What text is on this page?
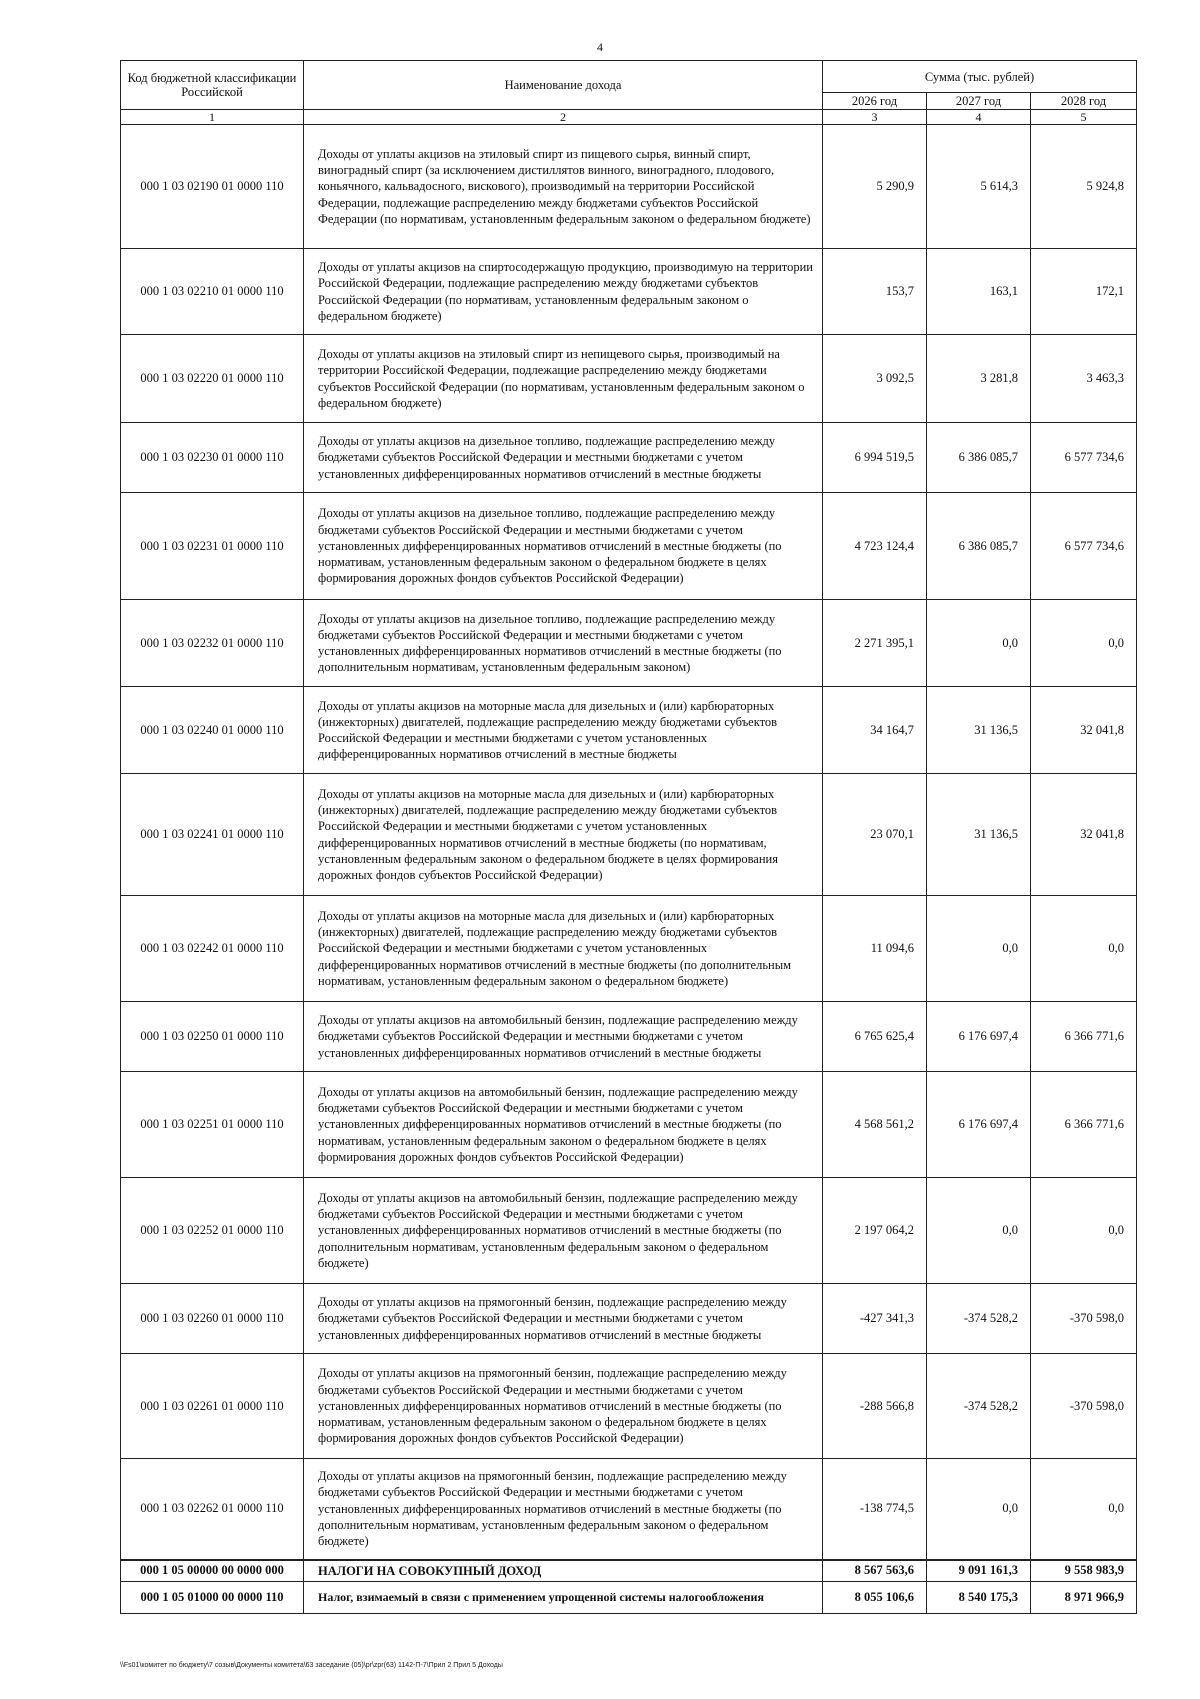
4
Код бюджетной классификации Российской	Наименование дохода	Сумма (тыс. рублей)		
		2026 год	2027 год	2028 год
1	2	3	4	5
000 1 03 02190 01 0000 110	Доходы от уплаты акцизов на этиловый спирт из пищевого сырья, винный спирт, виноградный спирт (за исключением дистиллятов винного, виноградного, плодового, коньячного, кальвадосного, вискового), производимый на территории Российской Федерации, подлежащие распределению между бюджетами субъектов Российской Федерации (по нормативам, установленным федеральным законом о федеральном бюджете)	5 290,9	5 614,3	5 924,8
000 1 03 02210 01 0000 110	Доходы от уплаты акцизов на спиртосодержащую продукцию, производимую на территории Российской Федерации, подлежащие распределению между бюджетами субъектов Российской Федерации (по нормативам, установленным федеральным законом о федеральном бюджете)	153,7	163,1	172,1
000 1 03 02220 01 0000 110	Доходы от уплаты акцизов на этиловый спирт из непищевого сырья, производимый на территории Российской Федерации, подлежащие распределению между бюджетами субъектов Российской Федерации (по нормативам, установленным федеральным законом о федеральном бюджете)	3 092,5	3 281,8	3 463,3
000 1 03 02230 01 0000 110	Доходы от уплаты акцизов на дизельное топливо, подлежащие распределению между бюджетами субъектов Российской Федерации и местными бюджетами с учетом установленных дифференцированных нормативов отчислений в местные бюджеты	6 994 519,5	6 386 085,7	6 577 734,6
000 1 03 02231 01 0000 110	Доходы от уплаты акцизов на дизельное топливо, подлежащие распределению между бюджетами субъектов Российской Федерации и местными бюджетами с учетом установленных дифференцированных нормативов отчислений в местные бюджеты (по нормативам, установленным федеральным законом о федеральном бюджете в целях формирования дорожных фондов субъектов Российской Федерации)	4 723 124,4	6 386 085,7	6 577 734,6
000 1 03 02232 01 0000 110	Доходы от уплаты акцизов на дизельное топливо, подлежащие распределению между бюджетами субъектов Российской Федерации и местными бюджетами с учетом установленных дифференцированных нормативов отчислений в местные бюджеты (по дополнительным нормативам, установленным федеральным законом)	2 271 395,1	0,0	0,0
000 1 03 02240 01 0000 110	Доходы от уплаты акцизов на моторные масла для дизельных и (или) карбюраторных (инжекторных) двигателей, подлежащие распределению между бюджетами субъектов Российской Федерации и местными бюджетами с учетом установленных дифференцированных нормативов отчислений в местные бюджеты	34 164,7	31 136,5	32 041,8
000 1 03 02241 01 0000 110	Доходы от уплаты акцизов на моторные масла для дизельных и (или) карбюраторных (инжекторных) двигателей, подлежащие распределению между бюджетами субъектов Российской Федерации и местными бюджетами с учетом установленных дифференцированных нормативов отчислений в местные бюджеты (по нормативам, установленным федеральным законом о федеральном бюджете в целях формирования дорожных фондов субъектов Российской Федерации)	23 070,1	31 136,5	32 041,8
000 1 03 02242 01 0000 110	Доходы от уплаты акцизов на моторные масла для дизельных и (или) карбюраторных (инжекторных) двигателей, подлежащие распределению между бюджетами субъектов Российской Федерации и местными бюджетами с учетом установленных дифференцированных нормативов отчислений в местные бюджеты (по дополнительным нормативам, установленным федеральным законом о федеральном бюджете)	11 094,6	0,0	0,0
000 1 03 02250 01 0000 110	Доходы от уплаты акцизов на автомобильный бензин, подлежащие распределению между бюджетами субъектов Российской Федерации и местными бюджетами с учетом установленных дифференцированных нормативов отчислений в местные бюджеты	6 765 625,4	6 176 697,4	6 366 771,6
000 1 03 02251 01 0000 110	Доходы от уплаты акцизов на автомобильный бензин, подлежащие распределению между бюджетами субъектов Российской Федерации и местными бюджетами с учетом установленных дифференцированных нормативов отчислений в местные бюджеты (по нормативам, установленным федеральным законом о федеральном бюджете в целях формирования дорожных фондов субъектов Российской Федерации)	4 568 561,2	6 176 697,4	6 366 771,6
000 1 03 02252 01 0000 110	Доходы от уплаты акцизов на автомобильный бензин, подлежащие распределению между бюджетами субъектов Российской Федерации и местными бюджетами с учетом установленных дифференцированных нормативов отчислений в местные бюджеты (по дополнительным нормативам, установленным федеральным законом о федеральном бюджете)	2 197 064,2	0,0	0,0
000 1 03 02260 01 0000 110	Доходы от уплаты акцизов на прямогонный бензин, подлежащие распределению между бюджетами субъектов Российской Федерации и местными бюджетами с учетом установленных дифференцированных нормативов отчислений в местные бюджеты	-427 341,3	-374 528,2	-370 598,0
000 1 03 02261 01 0000 110	Доходы от уплаты акцизов на прямогонный бензин, подлежащие распределению между бюджетами субъектов Российской Федерации и местными бюджетами с учетом установленных дифференцированных нормативов отчислений в местные бюджеты (по нормативам, установленным федеральным законом о федеральном бюджете в целях формирования дорожных фондов субъектов Российской Федерации)	-288 566,8	-374 528,2	-370 598,0
000 1 03 02262 01 0000 110	Доходы от уплаты акцизов на прямогонный бензин, подлежащие распределению между бюджетами субъектов Российской Федерации и местными бюджетами с учетом установленных дифференцированных нормативов отчислений в местные бюджеты (по дополнительным нормативам, установленным федеральным законом о федеральном бюджете)	-138 774,5	0,0	0,0
000 1 05 00000 00 0000 000	НАЛОГИ НА СОВОКУПНЫЙ ДОХОД	8 567 563,6	9 091 161,3	9 558 983,9
000 1 05 01000 00 0000 110	Налог, взимаемый в связи с применением упрощенной системы налогообложения	8 055 106,6	8 540 175,3	8 971 966,9
\\Fs01\комитет по бюджету\7 созыв\Документы комитета\63 заседание (05)\pr\zpr(63) 1142-П-7\Прил 2 Прил 5 Доходы
